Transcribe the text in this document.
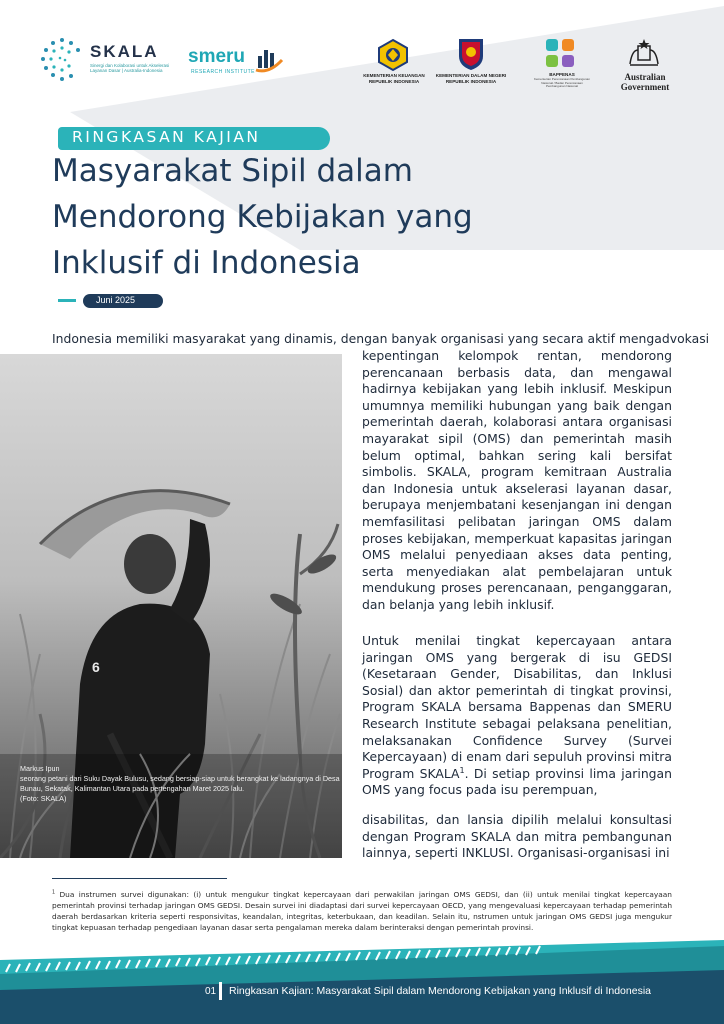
SKALA
Sinergi dan Kolaborasi untuk Akselerasi Layanan Dasar | Australia-Indonesia
smeru
RESEARCH INSTITUTE
KEMENTERIAN KEUANGAN REPUBLIK INDONESIA
KEMENTERIAN DALAM NEGERI REPUBLIK INDONESIA
BAPPENAS
Kementerian Perencanaan Pembangunan Nasional / Badan Perencanaan Pembangunan Nasional
Australian Government
RINGKASAN KAJIAN
Masyarakat Sipil dalam
Mendorong Kebijakan yang
Inklusif di Indonesia
Juni 2025
Indonesia memiliki masyarakat yang dinamis, dengan banyak organisasi yang secara aktif mengadvokasi
6
Markus Ipun
seorang petani dari Suku Dayak Bulusu, sedang bersiap-siap untuk berangkat ke ladangnya di Desa Bunau, Sekatak, Kalimantan Utara pada pertengahan Maret 2025 lalu.
(Foto: SKALA)
kepentingan kelompok rentan, mendorong perencanaan berbasis data, dan mengawal hadirnya kebijakan yang lebih inklusif. Meskipun umumnya memiliki hubungan yang baik dengan pemerintah daerah, kolaborasi antara organisasi mayarakat sipil (OMS) dan pemerintah masih belum optimal, bahkan sering kali bersifat simbolis. SKALA, program kemitraan Australia dan Indonesia untuk akselerasi layanan dasar, berupaya menjembatani kesenjangan ini dengan memfasilitasi pelibatan jaringan OMS dalam proses kebijakan, memperkuat kapasitas jaringan OMS melalui penyediaan akses data penting, serta menyediakan alat pembelajaran untuk mendukung proses perencanaan, penganggaran, dan belanja yang lebih inklusif.
Untuk menilai tingkat kepercayaan antara jaringan OMS yang bergerak di isu GEDSI (Kesetaraan Gender, Disabilitas, dan Inklusi Sosial) dan aktor pemerintah di tingkat provinsi, Program SKALA bersama Bappenas dan SMERU Research Institute sebagai pelaksana penelitian, melaksanakan Confidence Survey (Survei Kepercayaan) di enam dari sepuluh provinsi mitra Program SKALA$^1$. Di setiap provinsi lima jaringan OMS yang focus pada isu perempuan,
disabilitas, dan lansia dipilih melalui konsultasi dengan Program SKALA dan mitra pembangunan lainnya, seperti INKLUSI. Organisasi-organisasi ini
$^1$ Dua instrumen survei digunakan: (i) untuk mengukur tingkat kepercayaan dari perwakilan jaringan OMS GEDSI, dan (ii) untuk menilai tingkat kepercayaan pemerintah provinsi terhadap jaringan OMS GEDSI. Desain survei ini diadaptasi dari survei kepercayaan OECD, yang mengevaluasi kepercayaan terhadap pemerintah daerah berdasarkan kriteria seperti responsivitas, keandalan, integritas, keterbukaan, dan keadilan. Selain itu, nstrumen untuk jaringan OMS GEDSI juga mengukur tingkat kepuasan terhadap pengediaan layanan dasar serta pengalaman mereka dalam berinteraksi dengan pemerintah provinsi.
01 Ringkasan Kajian: Masyarakat Sipil dalam Mendorong Kebijakan yang Inklusif di Indonesia
